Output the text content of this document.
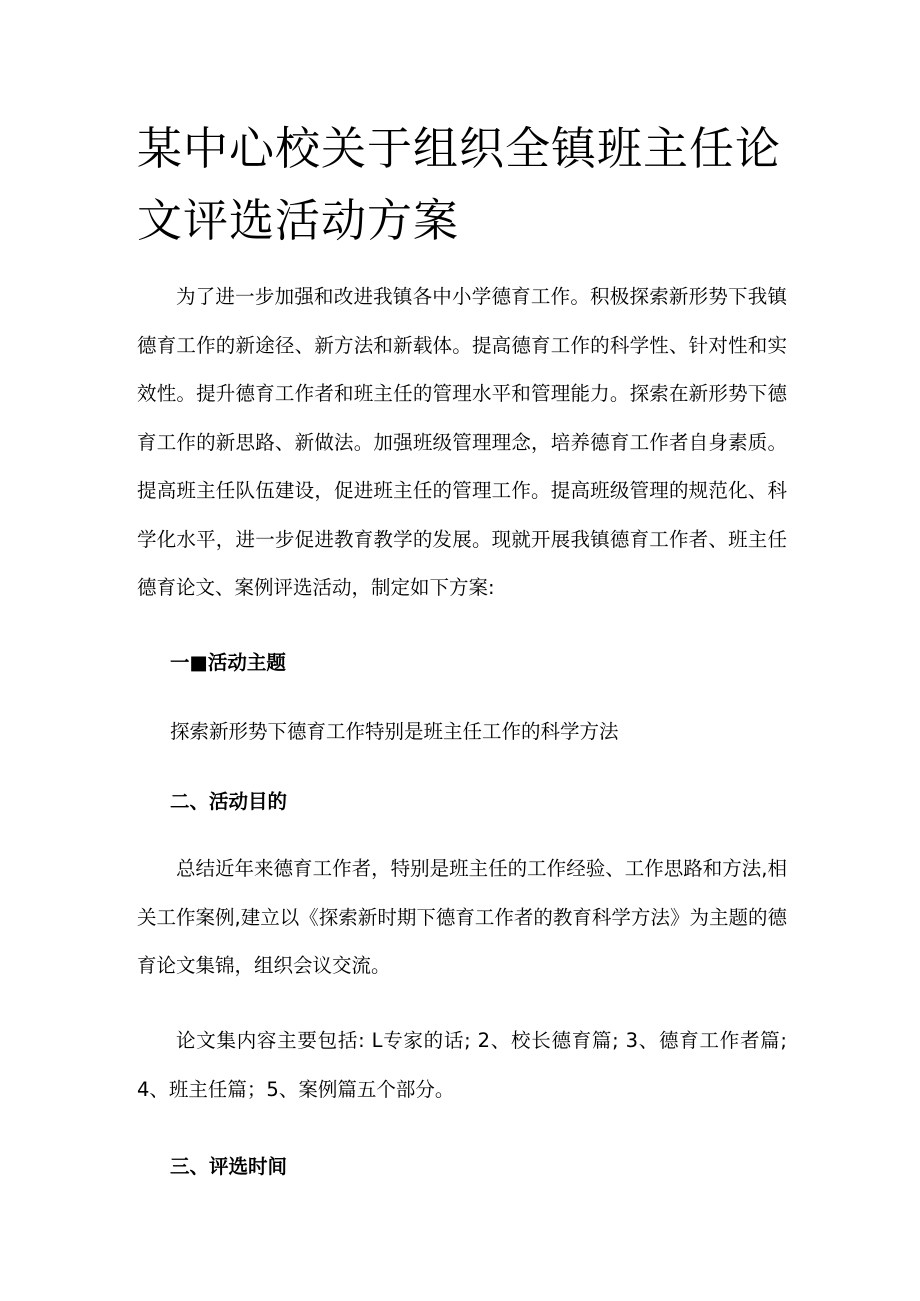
某中心校关于组织全镇班主任论文评选活动方案

为了进一步加强和改进我镇各中小学德育工作。积极探索新形势下我镇德育工作的新途径、新方法和新载体。提高德育工作的科学性、针对性和实效性。提升德育工作者和班主任的管理水平和管理能力。探索在新形势下德育工作的新思路、新做法。加强班级管理理念，培养德育工作者自身素质。提高班主任队伍建设，促进班主任的管理工作。提高班级管理的规范化、科学化水平，进一步促进教育教学的发展。现就开展我镇德育工作者、班主任德育论文、案例评选活动，制定如下方案:

一■活动主题

探索新形势下德育工作特别是班主任工作的科学方法

二、活动目的

总结近年来德育工作者，特别是班主任的工作经验、工作思路和方法,相关工作案例,建立以《探索新时期下德育工作者的教育科学方法》为主题的德育论文集锦，组织会议交流。

论文集内容主要包括: L专家的话; 2、校长德育篇; 3、德育工作者篇; 4、班主任篇；5、案例篇五个部分。

三、评选时间
